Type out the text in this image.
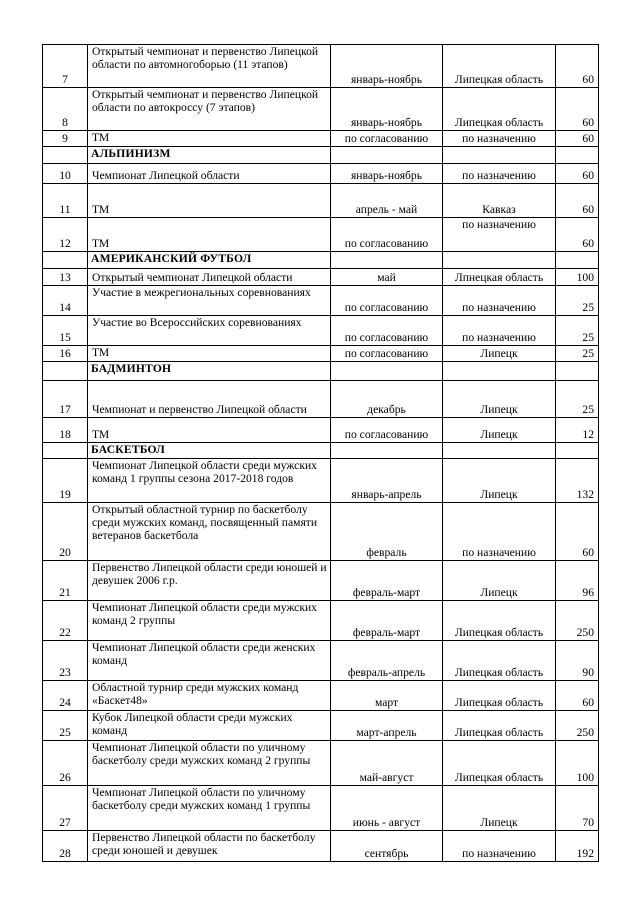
7	Открытый чемпионат и первенство Липецкой области по автомногоборью (11 этапов)	январь-ноябрь	Липецкая область	60
8	Открытый чемпионат и первенство Липецкой области по автокроссу (7 этапов)	январь-ноябрь	Липецкая область	60
9	ТМ	по согласованию	по назначению	60
	АЛЬПИНИЗМ			
10	Чемпионат Липецкой области	январь-ноябрь	по назначению	60
11	ТМ	апрель - май	Кавказ	60
12	ТМ	по согласованию	по назначению	60
	АМЕРИКАНСКИЙ ФУТБОЛ			
13	Открытый чемпионат Липецкой области	май	Лпнецкая область	100
14	Участие в межрегиональных соревнованиях	по согласованию	по назначению	25
15	Участие во Всероссийских соревнованиях	по согласованию	по назначению	25
16	ТМ	по согласованию	Липецк	25
	БАДМИНТОН			
17	Чемпионат и первенство Липецкой области	декабрь	Липецк	25
18	ТМ	по согласованию	Липецк	12
	БАСКЕТБОЛ			
19	Чемпионат Липецкой области среди мужских команд 1 группы сезона 2017-2018 годов	январь-апрель	Липецк	132
20	Открытый областной турнир по баскетболу среди мужских команд, посвященный памяти ветеранов баскетбола	февраль	по назначению	60
21	Первенство Липецкой области среди юношей и девушек 2006 г.р.	февраль-март	Липецк	96
22	Чемпионат Липецкой области среди мужских команд 2 группы	февраль-март	Липецкая область	250
23	Чемпионат Липецкой области среди женских команд	февраль-апрель	Липецкая область	90
24	Областной турнир среди мужских команд «Баскет48»	март	Липецкая область	60
25	Кубок Липецкой области среди мужских команд	март-апрель	Липецкая область	250
26	Чемпионат Липецкой области по уличному баскетболу среди мужских команд 2 группы	май-август	Липецкая область	100
27	Чемпионат Липецкой области по уличному баскетболу среди мужских команд 1 группы	июнь - август	Липецк	70
28	Первенство Липецкой области по баскетболу среди юношей и девушек	сентябрь	по назначению	192
